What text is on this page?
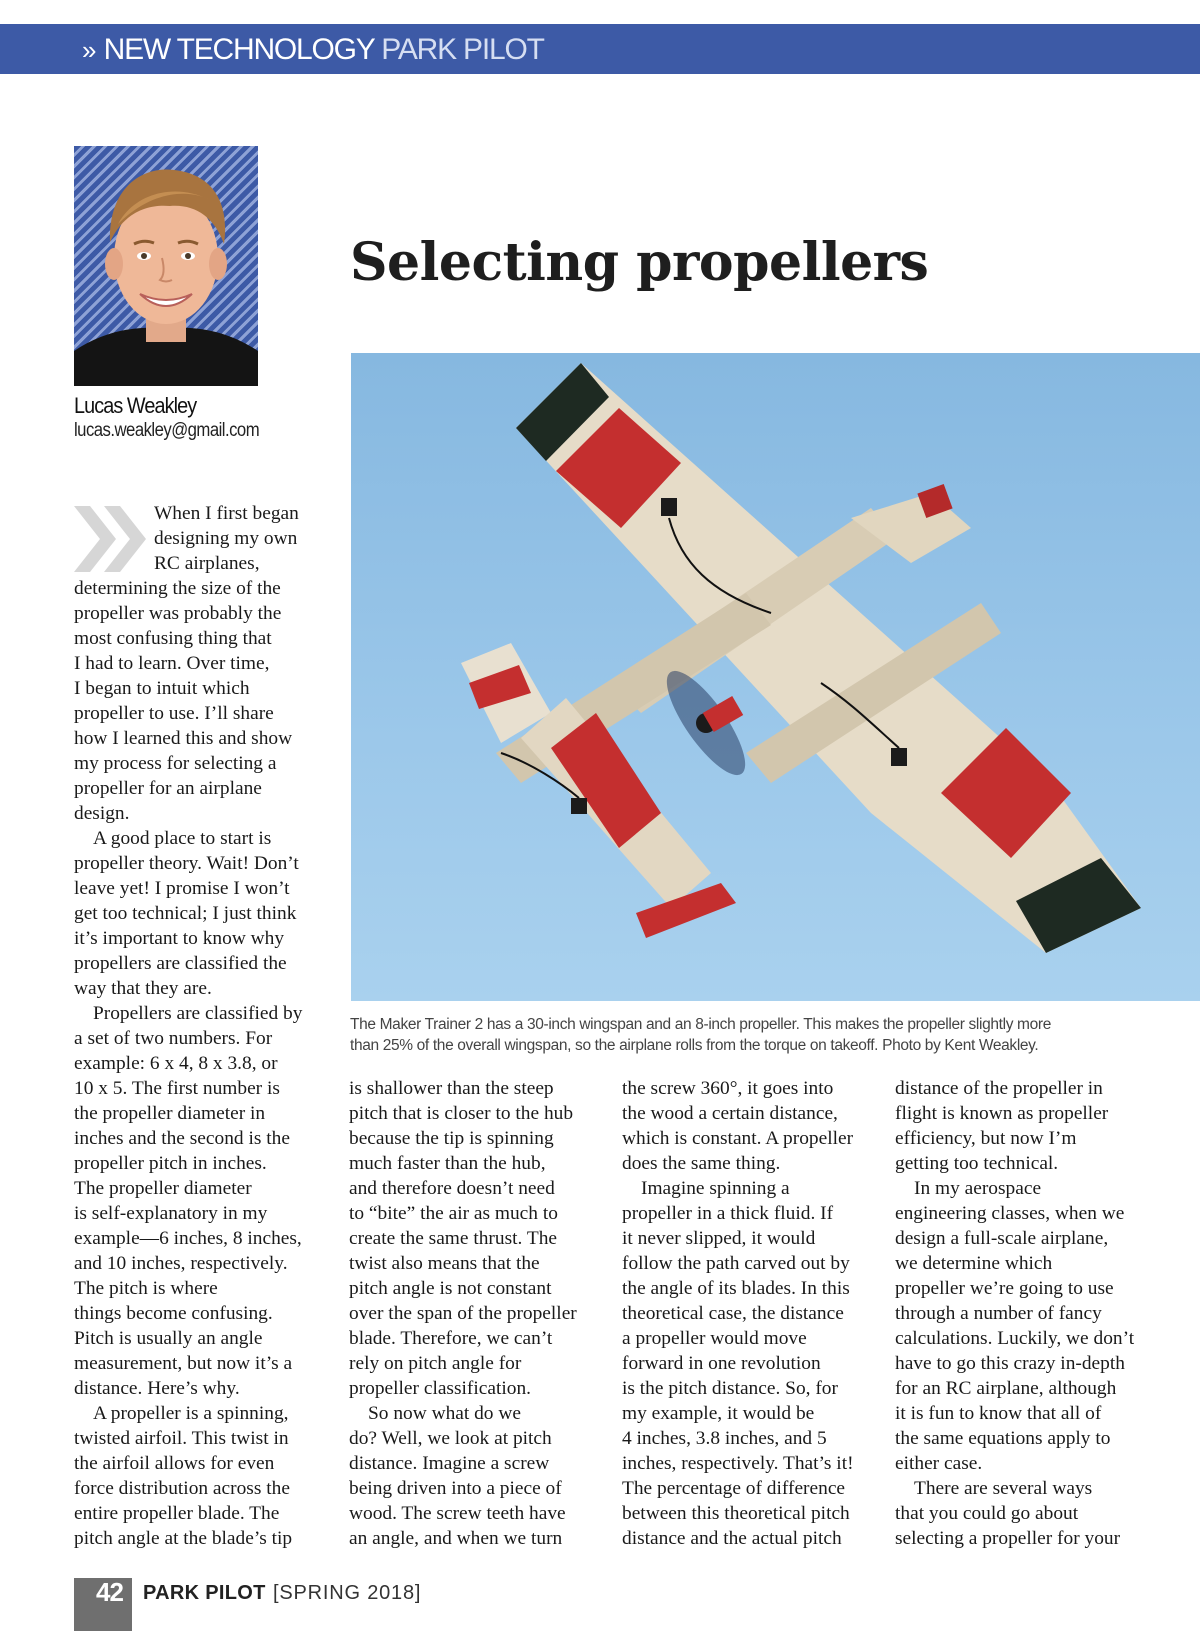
» NEW TECHNOLOGY PARK PILOT
Lucas Weakley
lucas.weakley@gmail.com
Selecting propellers
The Maker Trainer 2 has a 30-inch wingspan and an 8-inch propeller. This makes the propeller slightly more
than 25% of the overall wingspan, so the airplane rolls from the torque on takeoff. Photo by Kent Weakley.
When I first began
designing my own
RC airplanes,
determining the size of the
propeller was probably the
most confusing thing that
I had to learn. Over time,
I began to intuit which
propeller to use. I’ll share
how I learned this and show
my process for selecting a
propeller for an airplane
design.
A good place to start is
propeller theory. Wait! Don’t
leave yet! I promise I won’t
get too technical; I just think
it’s important to know why
propellers are classified the
way that they are.
Propellers are classified by
a set of two numbers. For
example: 6 x 4, 8 x 3.8, or
10 x 5. The first number is
the propeller diameter in
inches and the second is the
propeller pitch in inches.
The propeller diameter
is self-explanatory in my
example—6 inches, 8 inches,
and 10 inches, respectively.
The pitch is where
things become confusing.
Pitch is usually an angle
measurement, but now it’s a
distance. Here’s why.
A propeller is a spinning,
twisted airfoil. This twist in
the airfoil allows for even
force distribution across the
entire propeller blade. The
pitch angle at the blade’s tip
is shallower than the steep
pitch that is closer to the hub
because the tip is spinning
much faster than the hub,
and therefore doesn’t need
to “bite” the air as much to
create the same thrust. The
twist also means that the
pitch angle is not constant
over the span of the propeller
blade. Therefore, we can’t
rely on pitch angle for
propeller classification.
So now what do we
do? Well, we look at pitch
distance. Imagine a screw
being driven into a piece of
wood. The screw teeth have
an angle, and when we turn
the screw 360°, it goes into
the wood a certain distance,
which is constant. A propeller
does the same thing.
Imagine spinning a
propeller in a thick fluid. If
it never slipped, it would
follow the path carved out by
the angle of its blades. In this
theoretical case, the distance
a propeller would move
forward in one revolution
is the pitch distance. So, for
my example, it would be
4 inches, 3.8 inches, and 5
inches, respectively. That’s it!
The percentage of difference
between this theoretical pitch
distance and the actual pitch
distance of the propeller in
flight is known as propeller
efficiency, but now I’m
getting too technical.
In my aerospace
engineering classes, when we
design a full-scale airplane,
we determine which
propeller we’re going to use
through a number of fancy
calculations. Luckily, we don’t
have to go this crazy in-depth
for an RC airplane, although
it is fun to know that all of
the same equations apply to
either case.
There are several ways
that you could go about
selecting a propeller for your
42 PARK PILOT [SPRING 2018]
